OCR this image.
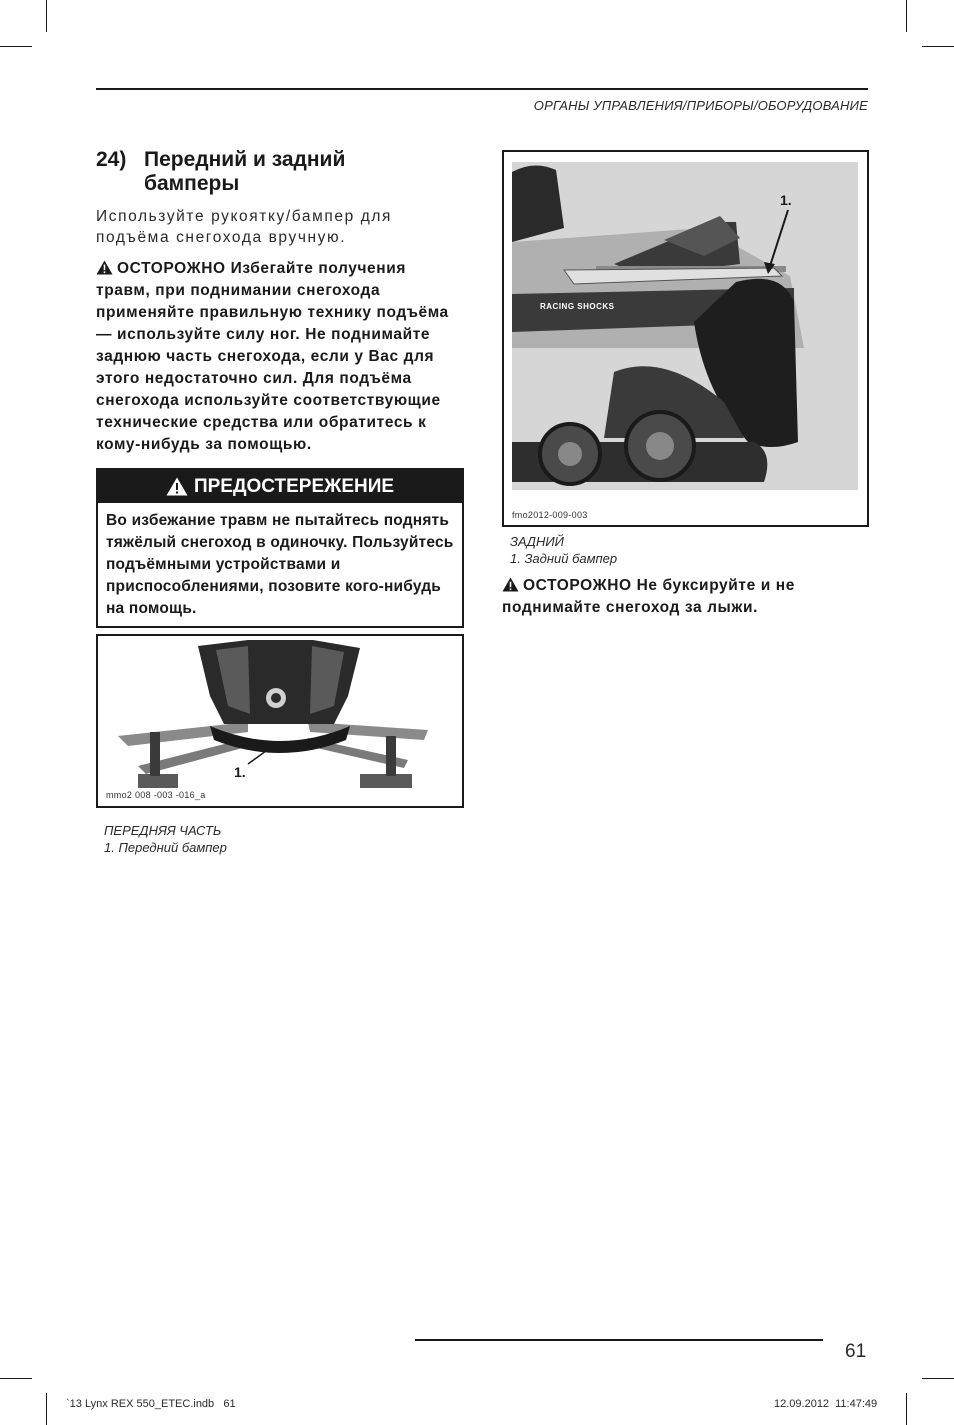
ОРГАНЫ УПРАВЛЕНИЯ/ПРИБОРЫ/ОБОРУДОВАНИЕ
24) Передний и задний
бамперы

Используйте рукоятку/бампер для подъёма снегохода вручную.

ОСТОРОЖНО Избегайте получения травм, при поднимании снегохода применяйте правильную технику подъёма — используйте силу ног. Не поднимайте заднюю часть снегохода, если у Вас для этого недостаточно сил. Для подъёма снегохода используйте соответствующие технические средства или обратитесь к кому-нибудь за помощью.

ПРЕДОСТЕРЕЖЕНИЕ
Во избежание травм не пытайтесь поднять тяжёлый снегоход в одиночку. Пользуйтесь подъёмными устройствами и приспособлениями, позовите кого-нибудь на помощь.
1.
mmo2 008 -003 -016_a

ПЕРЕДНЯЯ ЧАСТЬ

1. Передний бампер

RACING SHOCKS
1.
fmo2012-009-003

ЗАДНИЙ

1. Задний бампер

ОСТОРОЖНО Не буксируйте и не поднимайте снегоход за лыжи.

61
`13 Lynx REX 550_ETEC.indb   61	12.09.2012 11:47:49
